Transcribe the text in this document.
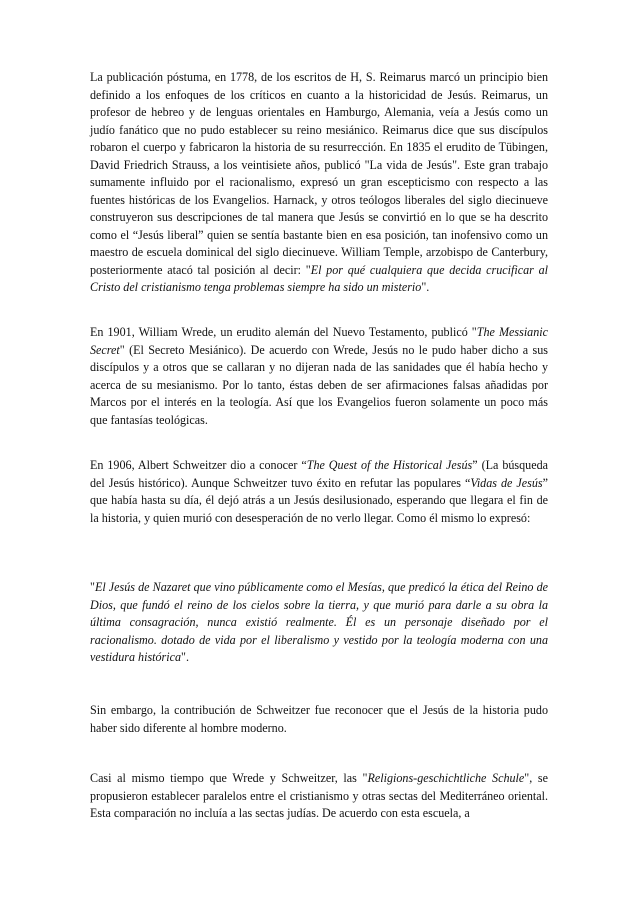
La publicación póstuma, en 1778, de los escritos de H, S. Reimarus marcó un principio bien definido a los enfoques de los críticos en cuanto a la historicidad de Jesús. Reimarus, un profesor de hebreo y de lenguas orientales en Hamburgo, Alemania, veía a Jesús como un judío fanático que no pudo establecer su reino mesiánico. Reimarus dice que sus discípulos robaron el cuerpo y fabricaron la historia de su resurrección. En 1835 el erudito de Tübingen, David Friedrich Strauss, a los veintisiete años, publicó "La vida de Jesús". Este gran trabajo sumamente influido por el racionalismo, expresó un gran escepticismo con respecto a las fuentes históricas de los Evangelios. Harnack, y otros teólogos liberales del siglo diecinueve construyeron sus descripciones de tal manera que Jesús se convirtió en lo que se ha descrito como el “Jesús liberal” quien se sentía bastante bien en esa posición, tan inofensivo como un maestro de escuela dominical del siglo diecinueve. William Temple, arzobispo de Canterbury, posteriormente atacó tal posición al decir: "El por qué cualquiera que decida crucificar al Cristo del cristianismo tenga problemas siempre ha sido un misterio".

En 1901, William Wrede, un erudito alemán del Nuevo Testamento, publicó "The Messianic Secret" (El Secreto Mesiánico). De acuerdo con Wrede, Jesús no le pudo haber dicho a sus discípulos y a otros que se callaran y no dijeran nada de las sanidades que él había hecho y acerca de su mesianismo. Por lo tanto, éstas deben de ser afirmaciones falsas añadidas por Marcos por el interés en la teología. Así que los Evangelios fueron solamente un poco más que fantasías teológicas.

En 1906, Albert Schweitzer dio a conocer “The Quest of the Historical Jesús” (La búsqueda del Jesús histórico). Aunque Schweitzer tuvo éxito en refutar las populares “Vidas de Jesús” que había hasta su día, él dejó atrás a un Jesús desilusionado, esperando que llegara el fin de la historia, y quien murió con desesperación de no verlo llegar. Como él mismo lo expresó:

"El Jesús de Nazaret que vino públicamente como el Mesías, que predicó la ética del Reino de Dios, que fundó el reino de los cielos sobre la tierra, y que murió para darle a su obra la última consagración, nunca existió realmente. Él es un personaje diseñado por el racionalismo. dotado de vida por el liberalismo y vestido por la teología moderna con una vestidura histórica".

Sin embargo, la contribución de Schweitzer fue reconocer que el Jesús de la historia pudo haber sido diferente al hombre moderno.

Casi al mismo tiempo que Wrede y Schweitzer, las "Religions-geschichtliche Schule", se propusieron establecer paralelos entre el cristianismo y otras sectas del Mediterráneo oriental. Esta comparación no incluía a las sectas judías. De acuerdo con esta escuela, a
